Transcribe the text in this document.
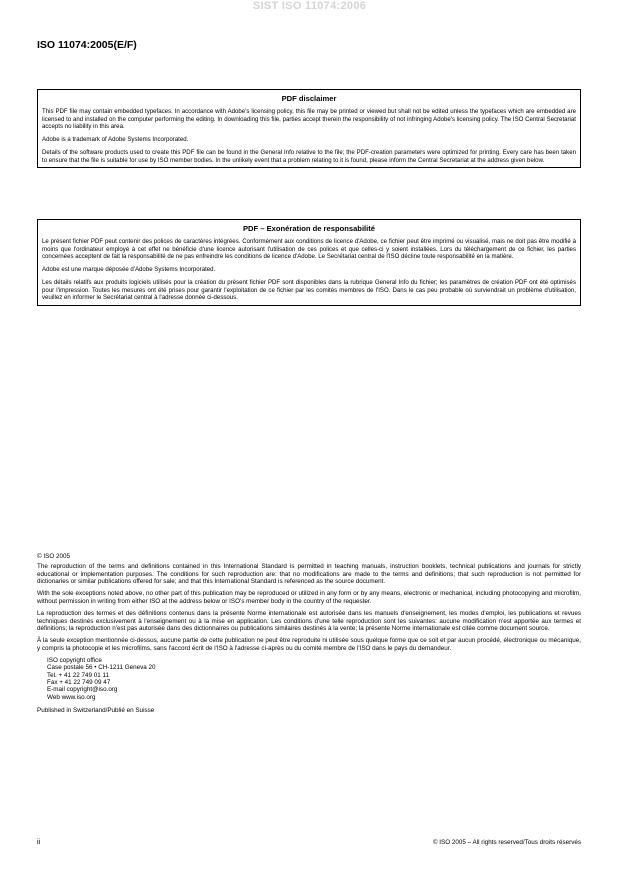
SIST ISO 11074:2006
ISO 11074:2005(E/F)
PDF disclaimer

This PDF file may contain embedded typefaces. In accordance with Adobe's licensing policy, this file may be printed or viewed but shall not be edited unless the typefaces which are embedded are licensed to and installed on the computer performing the editing. In downloading this file, parties accept therein the responsibility of not infringing Adobe's licensing policy. The ISO Central Secretariat accepts no liability in this area.

Adobe is a trademark of Adobe Systems Incorporated.

Details of the software products used to create this PDF file can be found in the General Info relative to the file; the PDF-creation parameters were optimized for printing. Every care has been taken to ensure that the file is suitable for use by ISO member bodies. In the unlikely event that a problem relating to it is found, please inform the Central Secretariat at the address given below.

PDF – Exonération de responsabilité

Le présent fichier PDF peut contenir des polices de caractères intégrées. Conformément aux conditions de licence d'Adobe, ce fichier peut être imprimé ou visualisé, mais ne doit pas être modifié à moins que l'ordinateur employé à cet effet ne bénéficie d'une licence autorisant l'utilisation de ces polices et que celles-ci y soient installées. Lors du téléchargement de ce fichier, les parties concernées acceptent de fait la responsabilité de ne pas enfreindre les conditions de licence d'Adobe. Le Secrétariat central de l'ISO décline toute responsabilité en la matière.

Adobe est une marque déposée d'Adobe Systems Incorporated.

Les détails relatifs aux produits logiciels utilisés pour la création du présent fichier PDF sont disponibles dans la rubrique General Info du fichier; les paramètres de création PDF ont été optimisés pour l'impression. Toutes les mesures ont été prises pour garantir l'exploitation de ce fichier par les comités membres de l'ISO. Dans le cas peu probable où surviendrait un problème d'utilisation, veuillez en informer le Secrétariat central à l'adresse donnée ci-dessous.

© ISO 2005

The reproduction of the terms and definitions contained in this International Standard is permitted in teaching manuals, instruction booklets, technical publications and journals for strictly educational or implementation purposes. The conditions for such reproduction are: that no modifications are made to the terms and definitions; that such reproduction is not permitted for dictionaries or similar publications offered for sale; and that this International Standard is referenced as the source document.

With the sole exceptions noted above, no other part of this publication may be reproduced or utilized in any form or by any means, electronic or mechanical, including photocopying and microfilm, without permission in writing from either ISO at the address below or ISO's member body in the country of the requester.

La reproduction des termes et des définitions contenus dans la présente Norme internationale est autorisée dans les manuels d'enseignement, les modes d'emploi, les publications et revues techniques destinés exclusivement à l'enseignement ou à la mise en application. Les conditions d'une telle reproduction sont les suivantes: aucune modification n'est apportée aux termes et définitions; la reproduction n'est pas autorisée dans des dictionnaires ou publications similaires destinés à la vente; la présente Norme internationale est citée comme document source.

À la seule exception mentionnée ci-dessus, aucune partie de cette publication ne peut être reproduite ni utilisée sous quelque forme que ce soit et par aucun procédé, électronique ou mécanique, y compris la photocopie et les microfilms, sans l'accord écrit de l'ISO à l'adresse ci-après ou du comité membre de l'ISO dans le pays du demandeur.

ISO copyright office
Case postale 56 • CH-1211 Geneva 20
Tel. + 41 22 749 01 11
Fax + 41 22 749 09 47
E-mail copyright@iso.org
Web www.iso.org
Published in Switzerland/Publié en Suisse
ii	© ISO 2005 – All rights reserved/Tous droits réservés
